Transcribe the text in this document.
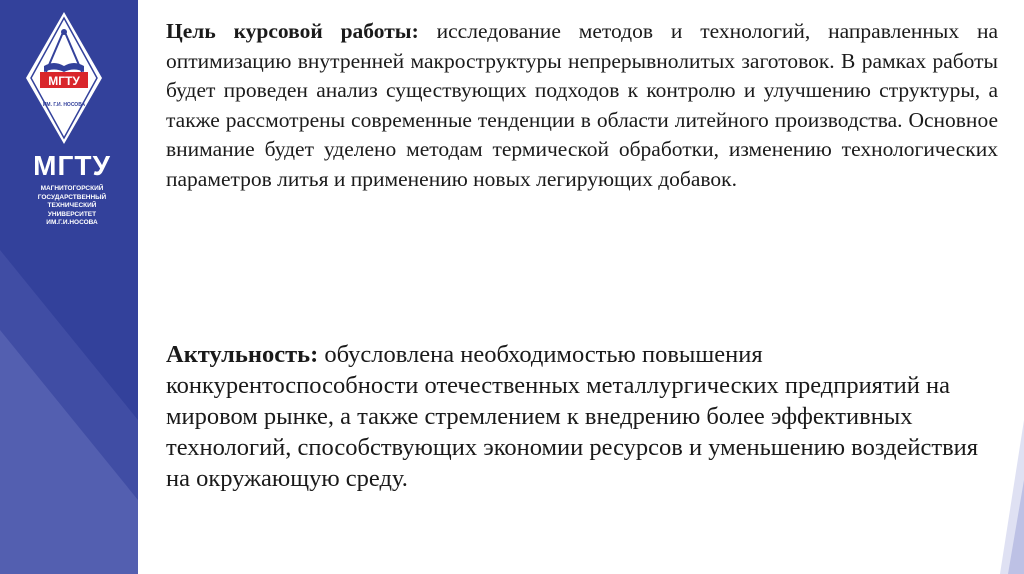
МГТУ
ИМ. Г.И. НОСОВА
МГТУ
МАГНИТОГОРСКИЙ
ГОСУДАРСТВЕННЫЙ
ТЕХНИЧЕСКИЙ
УНИВЕРСИТЕТ
ИМ.Г.И.НОСОВА

Цель курсовой работы: исследование методов и технологий, направленных на оптимизацию внутренней макроструктуры непрерывнолитых заготовок. В рамках работы будет проведен анализ существующих подходов к контролю и улучшению структуры, а также рассмотрены современные тенденции в области литейного производства. Основное внимание будет уделено методам термической обработки, изменению технологических параметров литья и применению новых легирующих добавок.

Актульность: обусловлена необходимостью повышения конкурентоспособности отечественных металлургических предприятий на мировом рынке, а также стремлением к внедрению более эффективных технологий, способствующих экономии ресурсов и уменьшению воздействия на окружающую среду.
